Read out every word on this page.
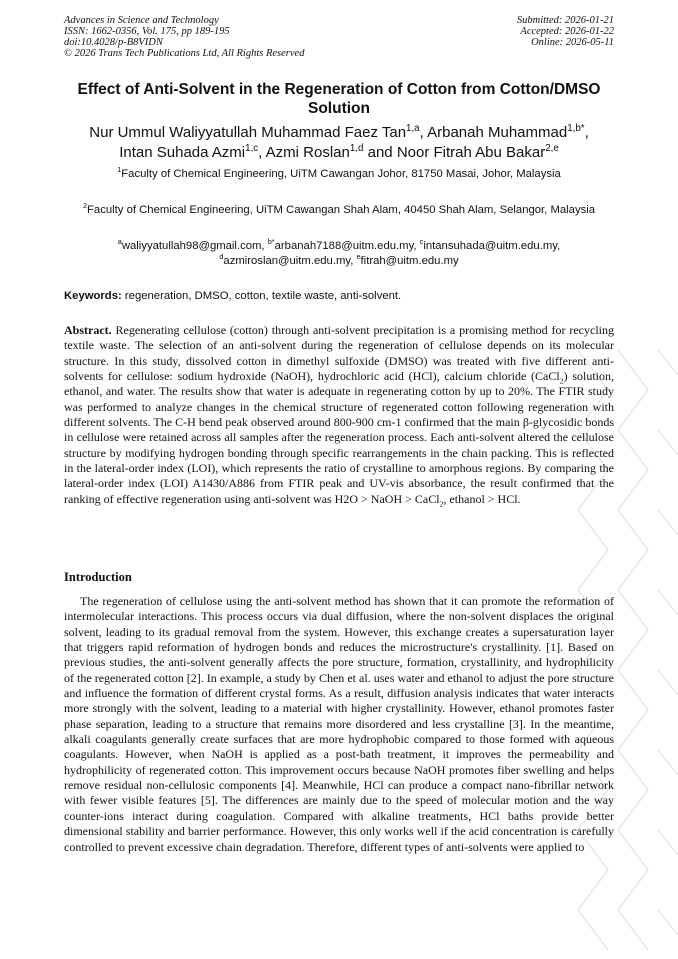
Advances in Science and Technology
ISSN: 1662-0356, Vol. 175, pp 189-195
doi:10.4028/p-B8VIDN
© 2026 Trans Tech Publications Ltd, All Rights Reserved
Submitted: 2026-01-21
Accepted: 2026-01-22
Online: 2026-05-11
Effect of Anti-Solvent in the Regeneration of Cotton from Cotton/DMSO Solution

Nur Ummul Waliyyatullah Muhammad Faez Tan$^{1,a}$, Arbanah Muhammad$^{1,b*}$,
Intan Suhada Azmi$^{1,c}$, Azmi Roslan$^{1,d}$ and Noor Fitrah Abu Bakar$^{2,e}$

$^1$Faculty of Chemical Engineering, UiTM Cawangan Johor, 81750 Masai, Johor, Malaysia

$^2$Faculty of Chemical Engineering, UiTM Cawangan Shah Alam, 40450 Shah Alam, Selangor, Malaysia

$^a$waliyyatullah98@gmail.com, $^{b*}$arbanah7188@uitm.edu.my, $^c$intansuhada@uitm.edu.my,
$^d$azmiroslan@uitm.edu.my, $^e$fitrah@uitm.edu.my

Keywords: regeneration, DMSO, cotton, textile waste, anti-solvent.

Abstract. Regenerating cellulose (cotton) through anti-solvent precipitation is a promising method for recycling textile waste. The selection of an anti-solvent during the regeneration of cellulose depends on its molecular structure. In this study, dissolved cotton in dimethyl sulfoxide (DMSO) was treated with five different anti-solvents for cellulose: sodium hydroxide (NaOH), hydrochloric acid (HCl), calcium chloride (CaCl$_2$) solution, ethanol, and water. The results show that water is adequate in regenerating cotton by up to 20%. The FTIR study was performed to analyze changes in the chemical structure of regenerated cotton following regeneration with different solvents. The C-H bend peak observed around 800-900 cm-1 confirmed that the main β-glycosidic bonds in cellulose were retained across all samples after the regeneration process. Each anti-solvent altered the cellulose structure by modifying hydrogen bonding through specific rearrangements in the chain packing. This is reflected in the lateral-order index (LOI), which represents the ratio of crystalline to amorphous regions. By comparing the lateral-order index (LOI) A1430/A886 from FTIR peak and UV-vis absorbance, the result confirmed that the ranking of effective regeneration using anti-solvent was H2O > NaOH > CaCl$_2$, ethanol > HCl.

Introduction

The regeneration of cellulose using the anti-solvent method has shown that it can promote the reformation of intermolecular interactions. This process occurs via dual diffusion, where the non-solvent displaces the original solvent, leading to its gradual removal from the system. However, this exchange creates a supersaturation layer that triggers rapid reformation of hydrogen bonds and reduces the microstructure's crystallinity. [1]. Based on previous studies, the anti-solvent generally affects the pore structure, formation, crystallinity, and hydrophilicity of the regenerated cotton [2]. In example, a study by Chen et al. uses water and ethanol to adjust the pore structure and influence the formation of different crystal forms. As a result, diffusion analysis indicates that water interacts more strongly with the solvent, leading to a material with higher crystallinity. However, ethanol promotes faster phase separation, leading to a structure that remains more disordered and less crystalline [3]. In the meantime, alkali coagulants generally create surfaces that are more hydrophobic compared to those formed with aqueous coagulants. However, when NaOH is applied as a post-bath treatment, it improves the permeability and hydrophilicity of regenerated cotton. This improvement occurs because NaOH promotes fiber swelling and helps remove residual non-cellulosic components [4]. Meanwhile, HCl can produce a compact nano-fibrillar network with fewer visible features [5]. The differences are mainly due to the speed of molecular motion and the way counter-ions interact during coagulation. Compared with alkaline treatments, HCl baths provide better dimensional stability and barrier performance. However, this only works well if the acid concentration is carefully controlled to prevent excessive chain degradation. Therefore, different types of anti-solvents were applied to
